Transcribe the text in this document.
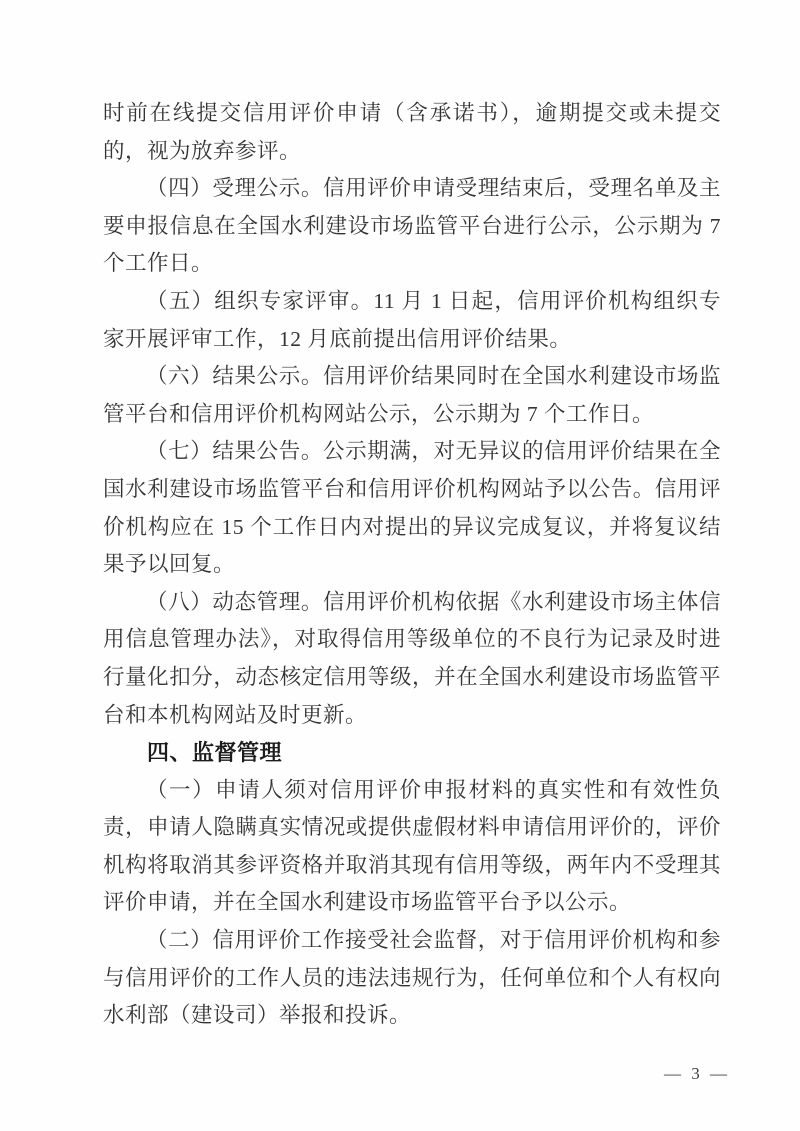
时前在线提交信用评价申请（含承诺书），逾期提交或未提交的，视为放弃参评。

（四）受理公示。信用评价申请受理结束后，受理名单及主要申报信息在全国水利建设市场监管平台进行公示，公示期为 7 个工作日。

（五）组织专家评审。11 月 1 日起，信用评价机构组织专家开展评审工作，12 月底前提出信用评价结果。

（六）结果公示。信用评价结果同时在全国水利建设市场监管平台和信用评价机构网站公示，公示期为 7 个工作日。

（七）结果公告。公示期满，对无异议的信用评价结果在全国水利建设市场监管平台和信用评价机构网站予以公告。信用评价机构应在 15 个工作日内对提出的异议完成复议，并将复议结果予以回复。

（八）动态管理。信用评价机构依据《水利建设市场主体信用信息管理办法》，对取得信用等级单位的不良行为记录及时进行量化扣分，动态核定信用等级，并在全国水利建设市场监管平台和本机构网站及时更新。

四、监督管理

（一）申请人须对信用评价申报材料的真实性和有效性负责，申请人隐瞒真实情况或提供虚假材料申请信用评价的，评价机构将取消其参评资格并取消其现有信用等级，两年内不受理其评价申请，并在全国水利建设市场监管平台予以公示。

（二）信用评价工作接受社会监督，对于信用评价机构和参与信用评价的工作人员的违法违规行为，任何单位和个人有权向水利部（建设司）举报和投诉。

— 3 —
